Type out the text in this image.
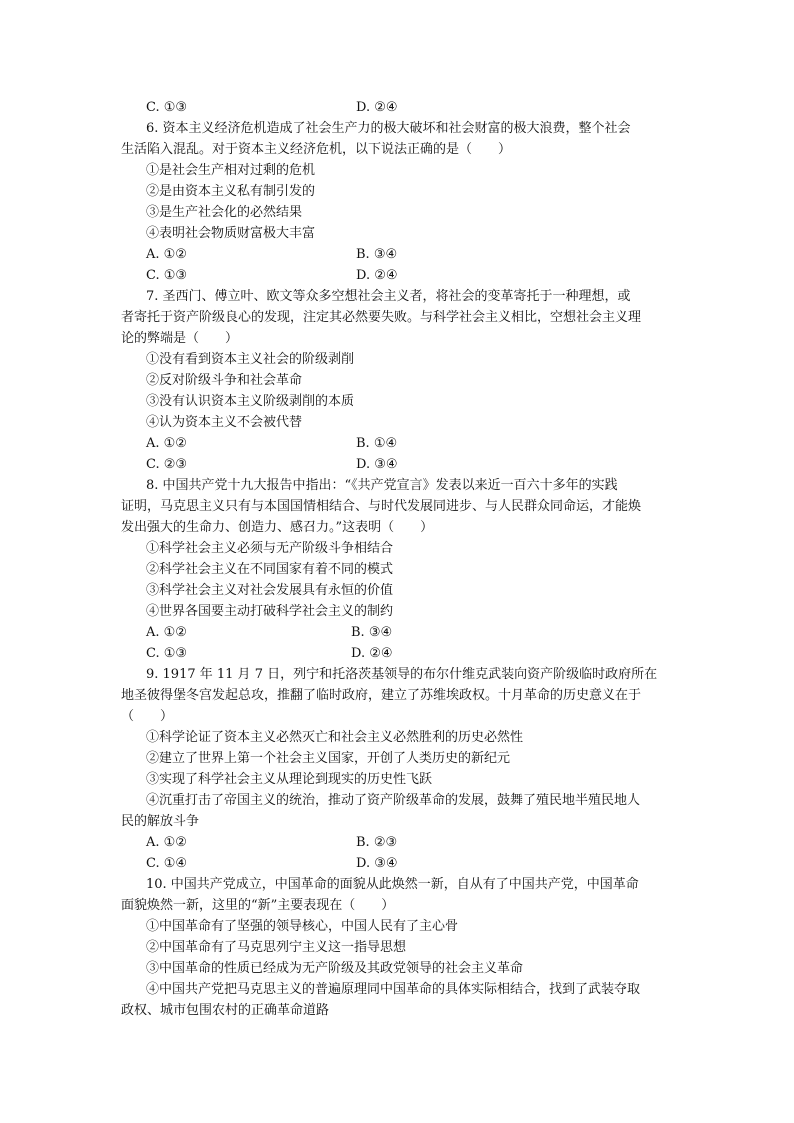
C. ①③	D. ②④
6. 资本主义经济危机造成了社会生产力的极大破坏和社会财富的极大浪费，整个社会
生活陷入混乱。对于资本主义经济危机，以下说法正确的是（　　）
①是社会生产相对过剩的危机
②是由资本主义私有制引发的
③是生产社会化的必然结果
④表明社会物质财富极大丰富
A. ①②	B. ③④
C. ①③	D. ②④
7. 圣西门、傅立叶、欧文等众多空想社会主义者，将社会的变革寄托于一种理想，或
者寄托于资产阶级良心的发现，注定其必然要失败。与科学社会主义相比，空想社会主义理
论的弊端是（　　）
①没有看到资本主义社会的阶级剥削
②反对阶级斗争和社会革命
③没有认识资本主义阶级剥削的本质
④认为资本主义不会被代替
A. ①②	B. ①④
C. ②③	D. ③④
8. 中国共产党十九大报告中指出：“《共产党宣言》发表以来近一百六十多年的实践
证明，马克思主义只有与本国国情相结合、与时代发展同进步、与人民群众同命运，才能焕
发出强大的生命力、创造力、感召力。”这表明（　　）
①科学社会主义必须与无产阶级斗争相结合
②科学社会主义在不同国家有着不同的模式
③科学社会主义对社会发展具有永恒的价值
④世界各国要主动打破科学社会主义的制约
A. ①②	B. ③④
C. ①③	D. ②④
9. 1917 年 11 月 7 日，列宁和托洛茨基领导的布尔什维克武装向资产阶级临时政府所在
地圣彼得堡冬宫发起总攻，推翻了临时政府，建立了苏维埃政权。十月革命的历史意义在于
（　　）
①科学论证了资本主义必然灭亡和社会主义必然胜利的历史必然性
②建立了世界上第一个社会主义国家，开创了人类历史的新纪元
③实现了科学社会主义从理论到现实的历史性飞跃
④沉重打击了帝国主义的统治，推动了资产阶级革命的发展，鼓舞了殖民地半殖民地人
民的解放斗争
A. ①②	B. ②③
C. ①④	D. ③④
10. 中国共产党成立，中国革命的面貌从此焕然一新，自从有了中国共产党，中国革命
面貌焕然一新，这里的“新”主要表现在（　　）
①中国革命有了坚强的领导核心，中国人民有了主心骨
②中国革命有了马克思列宁主义这一指导思想
③中国革命的性质已经成为无产阶级及其政党领导的社会主义革命
④中国共产党把马克思主义的普遍原理同中国革命的具体实际相结合，找到了武装夺取
政权、城市包围农村的正确革命道路
